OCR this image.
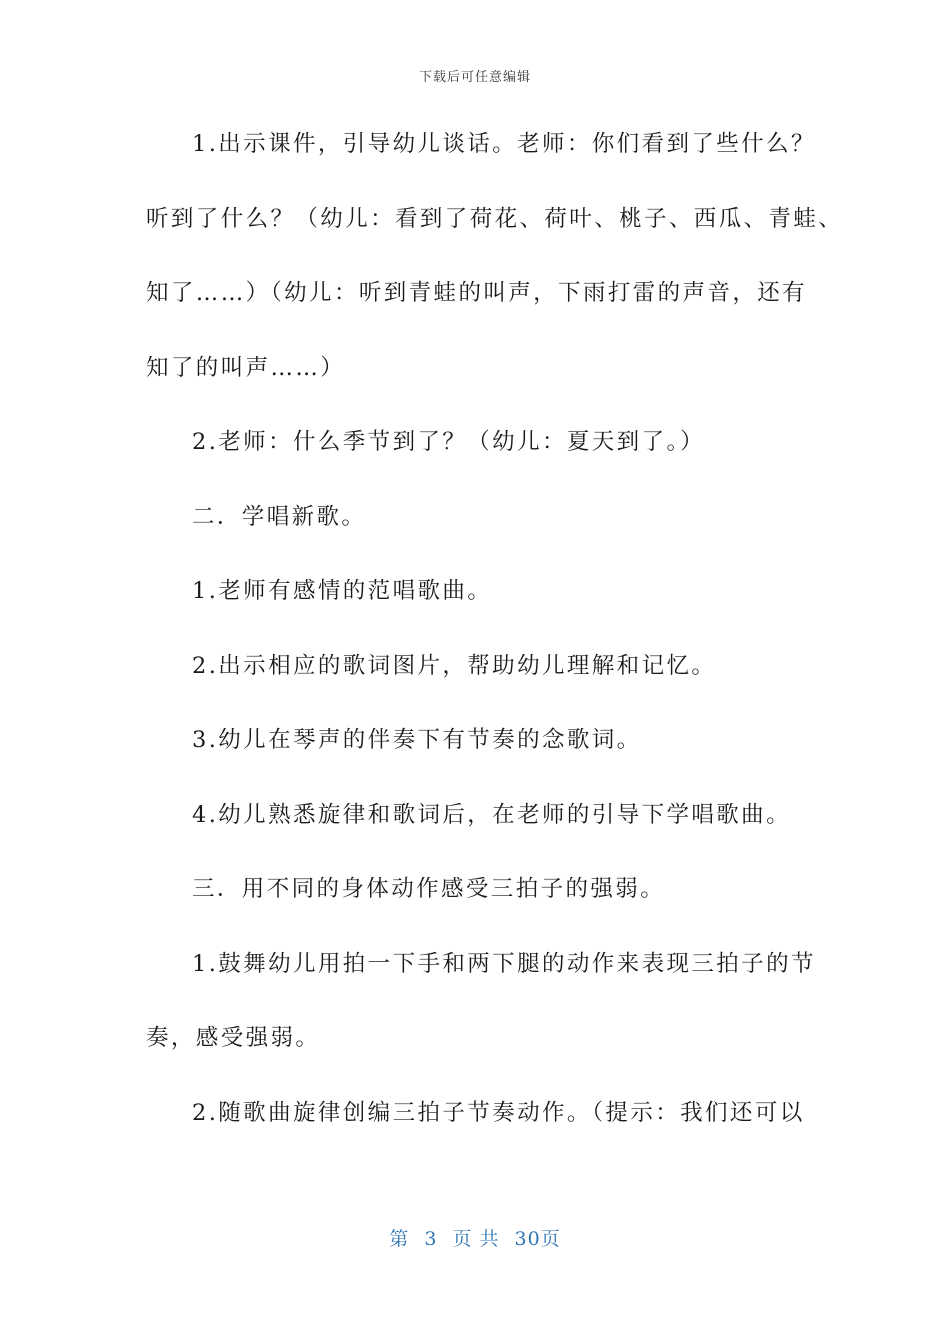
下载后可任意编辑
1.出示课件，引导幼儿谈话。老师：你们看到了些什么？
听到了什么？（幼儿：看到了荷花、荷叶、桃子、西瓜、青蛙、
知了……）（幼儿：听到青蛙的叫声，下雨打雷的声音，还有
知了的叫声……）
2.老师：什么季节到了？（幼儿：夏天到了。）
二．学唱新歌。
1.老师有感情的范唱歌曲。
2.出示相应的歌词图片，帮助幼儿理解和记忆。
3.幼儿在琴声的伴奏下有节奏的念歌词。
4.幼儿熟悉旋律和歌词后，在老师的引导下学唱歌曲。
三．用不同的身体动作感受三拍子的强弱。
1.鼓舞幼儿用拍一下手和两下腿的动作来表现三拍子的节
奏，感受强弱。
2.随歌曲旋律创编三拍子节奏动作。（提示：我们还可以
第 3 页 共 30页
